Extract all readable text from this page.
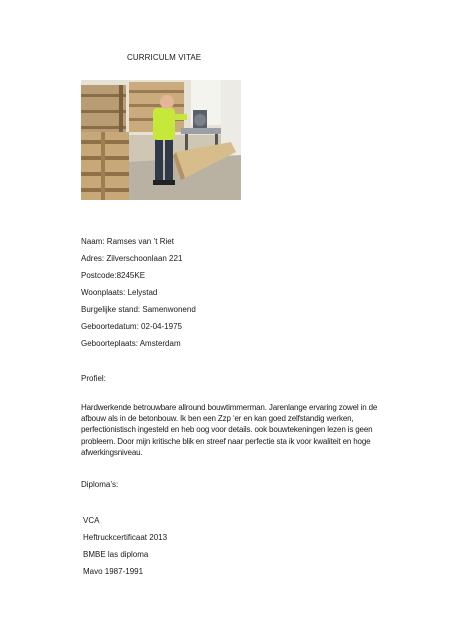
CURRICULM VITAE
Naam: Ramses van ’t Riet
Adres: Zilverschoonlaan 221
Postcode:8245KE
Woonplaats: Lelystad
Burgelijke stand: Samenwonend
Geboortedatum: 02-04-1975
Geboorteplaats: Amsterdam
Profiel:
Hardwerkende betrouwbare allround bouwtimmerman. Jarenlange ervaring zowel in de
afbouw als in de betonbouw. Ik ben een Zzp ‘er en kan goed zelfstandig werken,
perfectionistisch ingesteld en heb oog voor details. ook bouwtekeningen lezen is geen
probleem. Door mijn kritische blik en streef naar perfectie sta ik voor kwaliteit en hoge
afwerkingsniveau.
Diploma’s:
VCA
Heftruckcertificaat 2013
BMBE las diploma
Mavo 1987-1991
